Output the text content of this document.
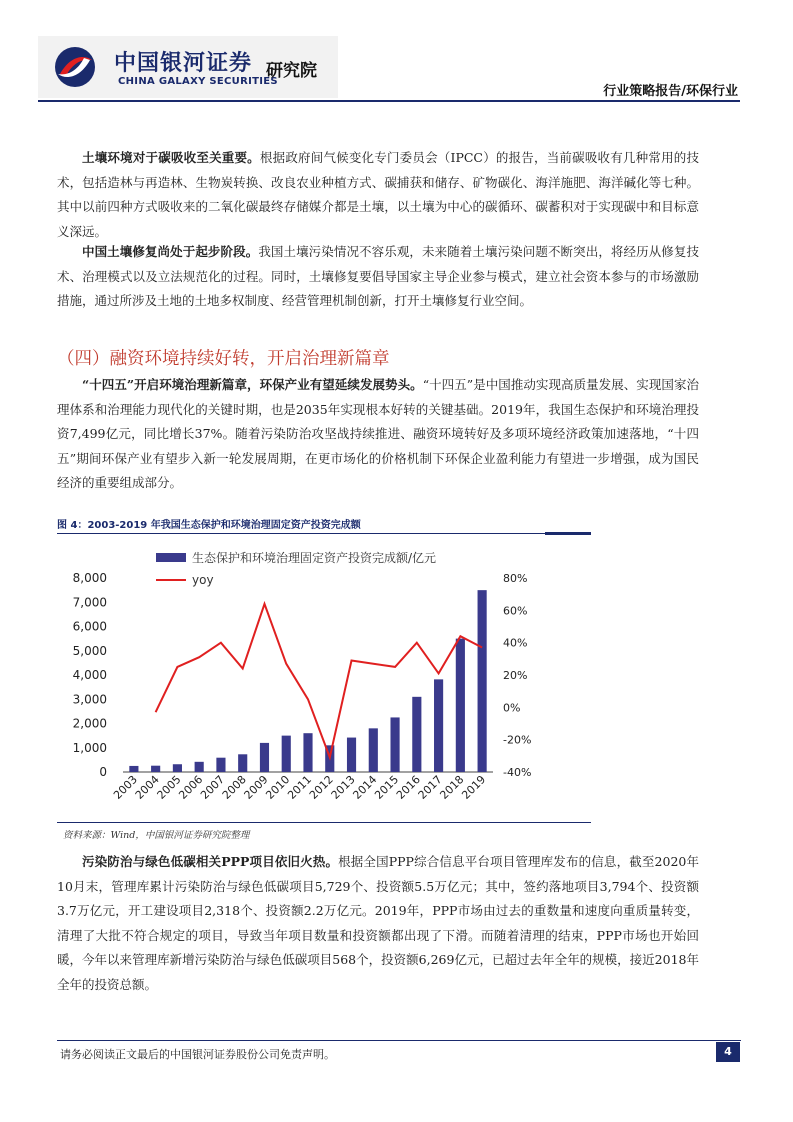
中国银河证券
CHINA GALAXY SECURITIES
研究院
行业策略报告/环保行业

土壤环境对于碳吸收至关重要。根据政府间气候变化专门委员会（IPCC）的报告，当前碳吸收有几种常用的技术，包括造林与再造林、生物炭转换、改良农业种植方式、碳捕获和储存、矿物碳化、海洋施肥、海洋碱化等七种。其中以前四种方式吸收来的二氧化碳最终存储媒介都是土壤，以土壤为中心的碳循环、碳蓄积对于实现碳中和目标意义深远。

中国土壤修复尚处于起步阶段。我国土壤污染情况不容乐观，未来随着土壤污染问题不断突出，将经历从修复技术、治理模式以及立法规范化的过程。同时，土壤修复要倡导国家主导企业参与模式，建立社会资本参与的市场激励措施，通过所涉及土地的土地多权制度、经营管理机制创新，打开土壤修复行业空间。

（四）融资环境持续好转，开启治理新篇章

“十四五”开启环境治理新篇章，环保产业有望延续发展势头。“十四五”是中国推动实现高质量发展、实现国家治理体系和治理能力现代化的关键时期，也是2035年实现根本好转的关键基础。2019年，我国生态保护和环境治理投资7,499亿元，同比增长37%。随着污染防治攻坚战持续推进、融资环境转好及多项环境经济政策加速落地，“十四五”期间环保产业有望步入新一轮发展周期，在更市场化的价格机制下环保企业盈利能力有望进一步增强，成为国民经济的重要组成部分。

图 4：2003-2019 年我国生态保护和环境治理固定资产投资完成额
生态保护和环境治理固定资产投资完成额/亿元
yoy
8,000
7,000
6,000
5,000
4,000
3,000
2,000
1,000
0
80%
60%
40%
20%
0%
-20%
-40%
2003
2004
2005
2006
2007
2008
2009
2010
2011
2012
2013
2014
2015
2016
2017
2018
2019
资料来源：Wind，中国银河证券研究院整理

污染防治与绿色低碳相关PPP项目依旧火热。根据全国PPP综合信息平台项目管理库发布的信息，截至2020年10月末，管理库累计污染防治与绿色低碳项目5,729个、投资额5.5万亿元；其中，签约落地项目3,794个、投资额3.7万亿元，开工建设项目2,318个、投资额2.2万亿元。2019年，PPP市场由过去的重数量和速度向重质量转变，清理了大批不符合规定的项目，导致当年项目数量和投资额都出现了下滑。而随着清理的结束，PPP市场也开始回暖，今年以来管理库新增污染防治与绿色低碳项目568个，投资额6,269亿元，已超过去年全年的规模，接近2018年全年的投资总额。

请务必阅读正文最后的中国银河证券股份公司免责声明。	4
